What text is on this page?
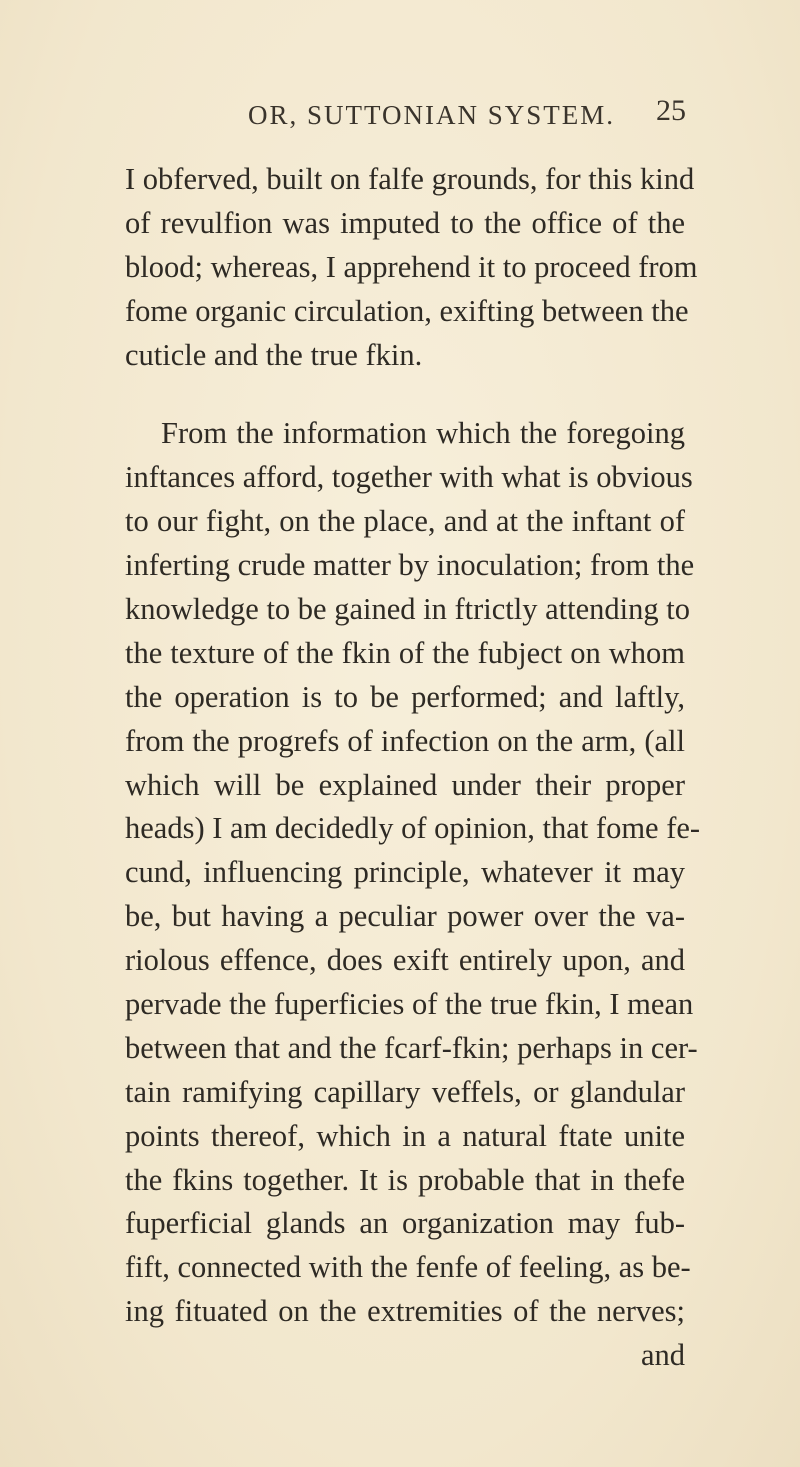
OR, SUTTONIAN SYSTEM. 25
I obferved, built on falfe grounds, for this kind
of revulfion was imputed to the office of the
blood; whereas, I apprehend it to proceed from
fome organic circulation, exifting between the
cuticle and the true fkin.
From the information which the foregoing
inftances afford, together with what is obvious
to our fight, on the place, and at the inftant of
inferting crude matter by inoculation; from the
knowledge to be gained in ftrictly attending to
the texture of the fkin of the fubject on whom
the operation is to be performed; and laftly,
from the progrefs of infection on the arm, (all
which will be explained under their proper
heads) I am decidedly of opinion, that fome fe-
cund, influencing principle, whatever it may
be, but having a peculiar power over the va-
riolous effence, does exift entirely upon, and
pervade the fuperficies of the true fkin, I mean
between that and the fcarf-fkin; perhaps in cer-
tain ramifying capillary veffels, or glandular
points thereof, which in a natural ftate unite
the fkins together. It is probable that in thefe
fuperficial glands an organization may fub-
fift, connected with the fenfe of feeling, as be-
ing fituated on the extremities of the nerves;
and
